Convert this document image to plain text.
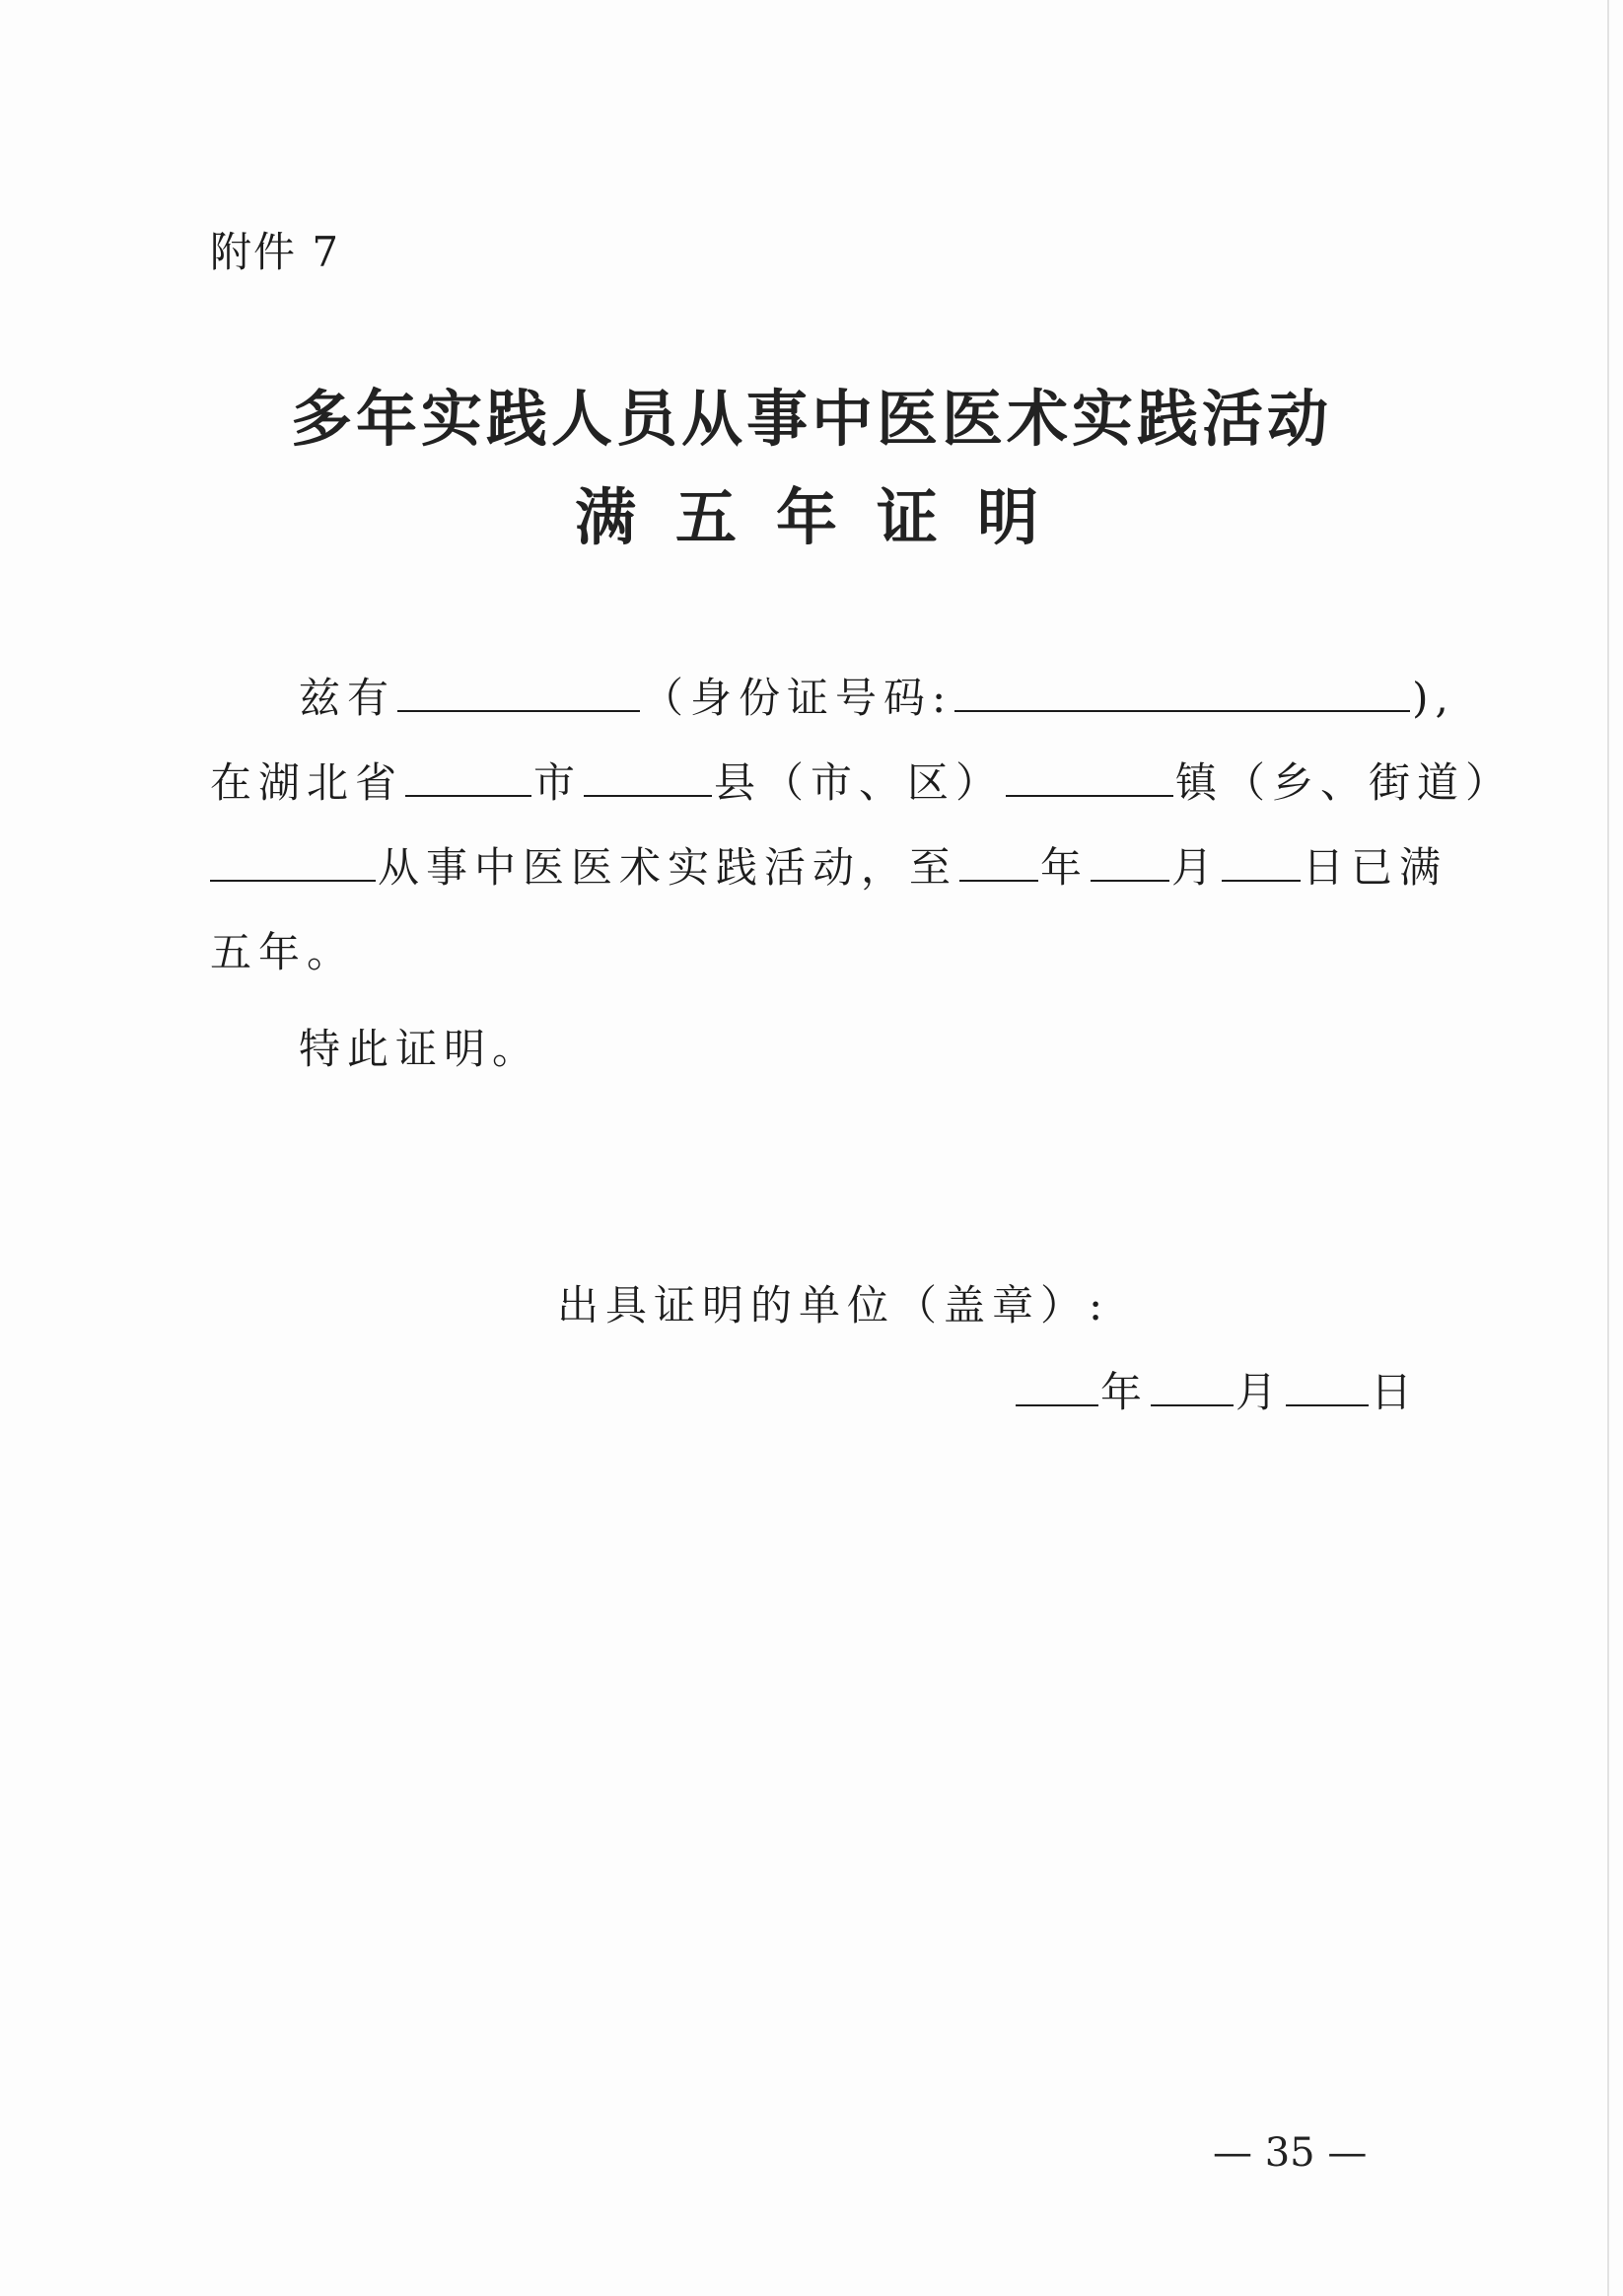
附件 7
多年实践人员从事中医医术实践活动
满五年证明
兹有	（身份证号码:	),
在湖北省	市	县（市、区）	镇（乡、街道）
从事中医医术实践活动，至 年 月 日已满
五年。
特此证明。
出具证明的单位（盖章）:
年 月 日
— 35 —
